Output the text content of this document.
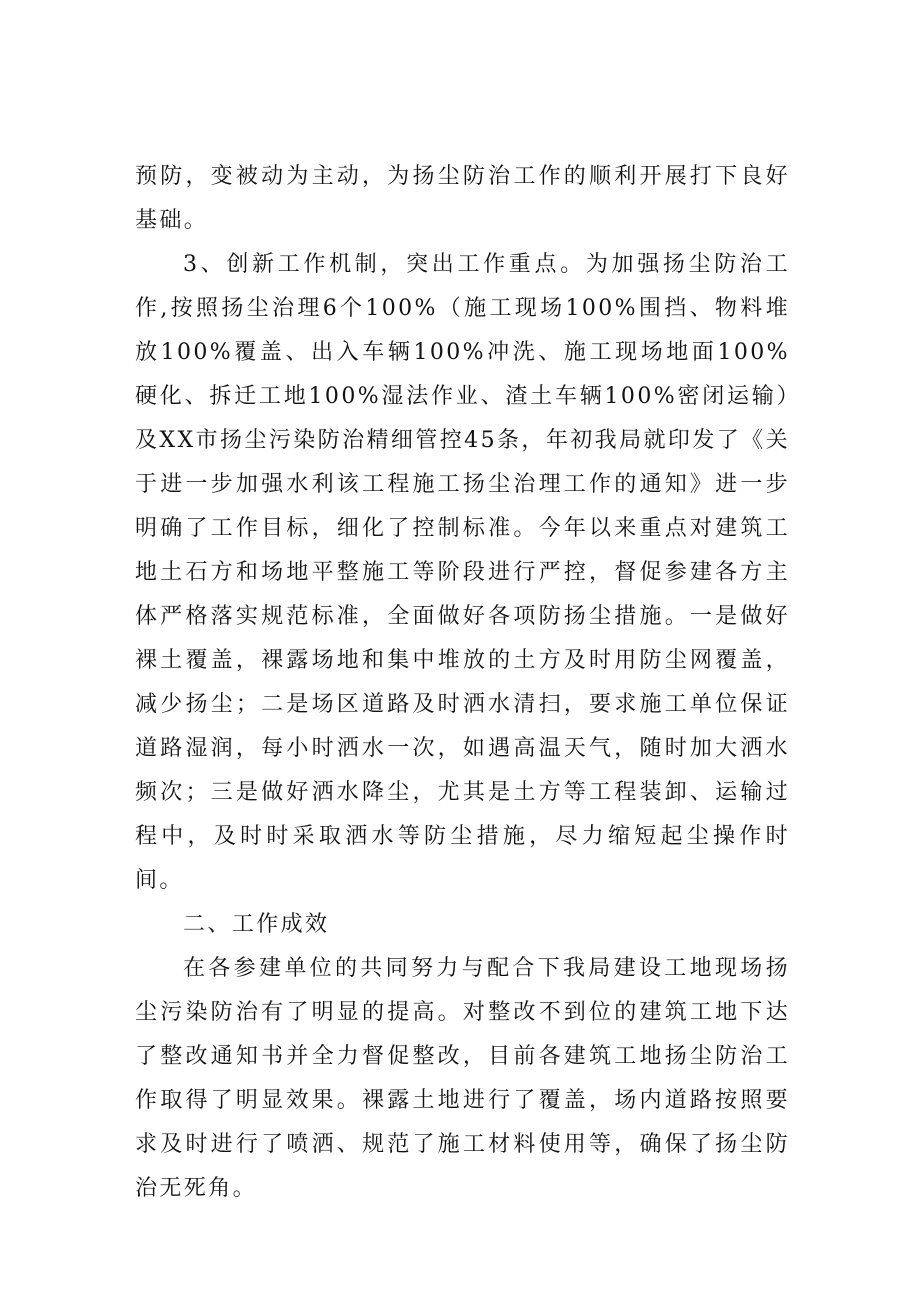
预防，变被动为主动，为扬尘防治工作的顺利开展打下良好基础。

3、创新工作机制，突出工作重点。为加强扬尘防治工作,按照扬尘治理6个100%（施工现场100%围挡、物料堆放100%覆盖、出入车辆100%冲洗、施工现场地面100%硬化、拆迁工地100%湿法作业、渣土车辆100%密闭运输）及XX市扬尘污染防治精细管控45条，年初我局就印发了《关于进一步加强水利该工程施工扬尘治理工作的通知》进一步明确了工作目标，细化了控制标准。今年以来重点对建筑工地土石方和场地平整施工等阶段进行严控，督促参建各方主体严格落实规范标准，全面做好各项防扬尘措施。一是做好裸土覆盖，裸露场地和集中堆放的土方及时用防尘网覆盖，减少扬尘；二是场区道路及时洒水清扫，要求施工单位保证道路湿润，每小时洒水一次，如遇高温天气，随时加大洒水频次；三是做好洒水降尘，尤其是土方等工程装卸、运输过程中，及时时采取洒水等防尘措施，尽力缩短起尘操作时间。

二、工作成效

在各参建单位的共同努力与配合下我局建设工地现场扬尘污染防治有了明显的提高。对整改不到位的建筑工地下达了整改通知书并全力督促整改，目前各建筑工地扬尘防治工作取得了明显效果。裸露土地进行了覆盖，场内道路按照要求及时进行了喷洒、规范了施工材料使用等，确保了扬尘防治无死角。
